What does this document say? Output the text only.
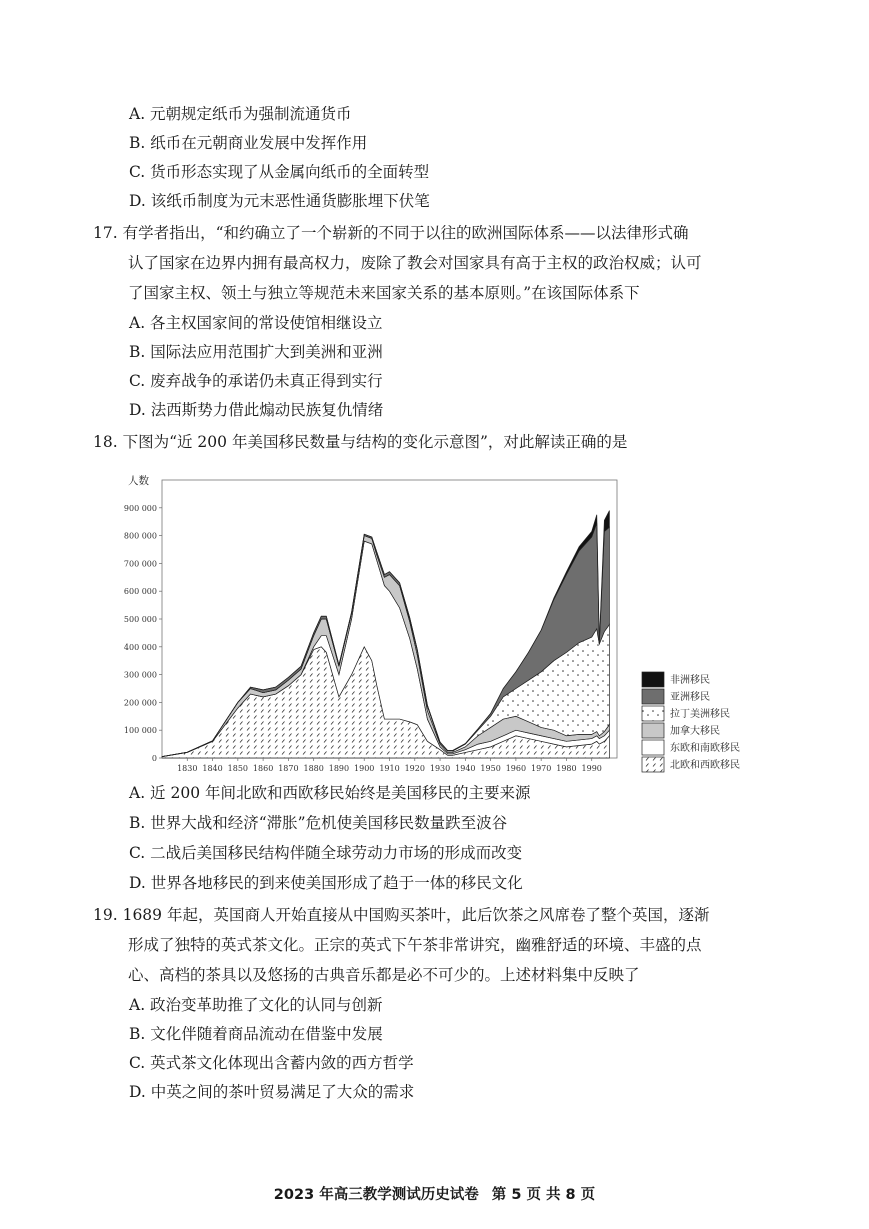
A. 元朝规定纸币为强制流通货币
B. 纸币在元朝商业发展中发挥作用
C. 货币形态实现了从金属向纸币的全面转型
D. 该纸币制度为元末恶性通货膨胀埋下伏笔
17. 有学者指出，“和约确立了一个崭新的不同于以往的欧洲国际体系——以法律形式确
认了国家在边界内拥有最高权力，废除了教会对国家具有高于主权的政治权威；认可
了国家主权、领土与独立等规范未来国家关系的基本原则。”在该国际体系下
A. 各主权国家间的常设使馆相继设立
B. 国际法应用范围扩大到美洲和亚洲
C. 废弃战争的承诺仍未真正得到实行
D. 法西斯势力借此煽动民族复仇情绪
18. 下图为“近 200 年美国移民数量与结构的变化示意图”，对此解读正确的是
0
100 000
200 000
300 000
400 000
500 000
600 000
700 000
800 000
900 000
1830 1840 1850 1860 1870 1880 1890 1900 1910 1920 1930 1940 1950 1960 1970 1980 1990
人数
非洲移民
亚洲移民
拉丁美洲移民
加拿大移民
东欧和南欧移民
北欧和西欧移民
A. 近 200 年间北欧和西欧移民始终是美国移民的主要来源
B. 世界大战和经济“滞胀”危机使美国移民数量跌至波谷
C. 二战后美国移民结构伴随全球劳动力市场的形成而改变
D. 世界各地移民的到来使美国形成了趋于一体的移民文化
19. 1689 年起，英国商人开始直接从中国购买茶叶，此后饮茶之风席卷了整个英国，逐渐
形成了独特的英式茶文化。正宗的英式下午茶非常讲究，幽雅舒适的环境、丰盛的点
心、高档的茶具以及悠扬的古典音乐都是必不可少的。上述材料集中反映了
A. 政治变革助推了文化的认同与创新
B. 文化伴随着商品流动在借鉴中发展
C. 英式茶文化体现出含蓄内敛的西方哲学
D. 中英之间的茶叶贸易满足了大众的需求
2023 年高三教学测试历史试卷 第 5 页 共 8 页
